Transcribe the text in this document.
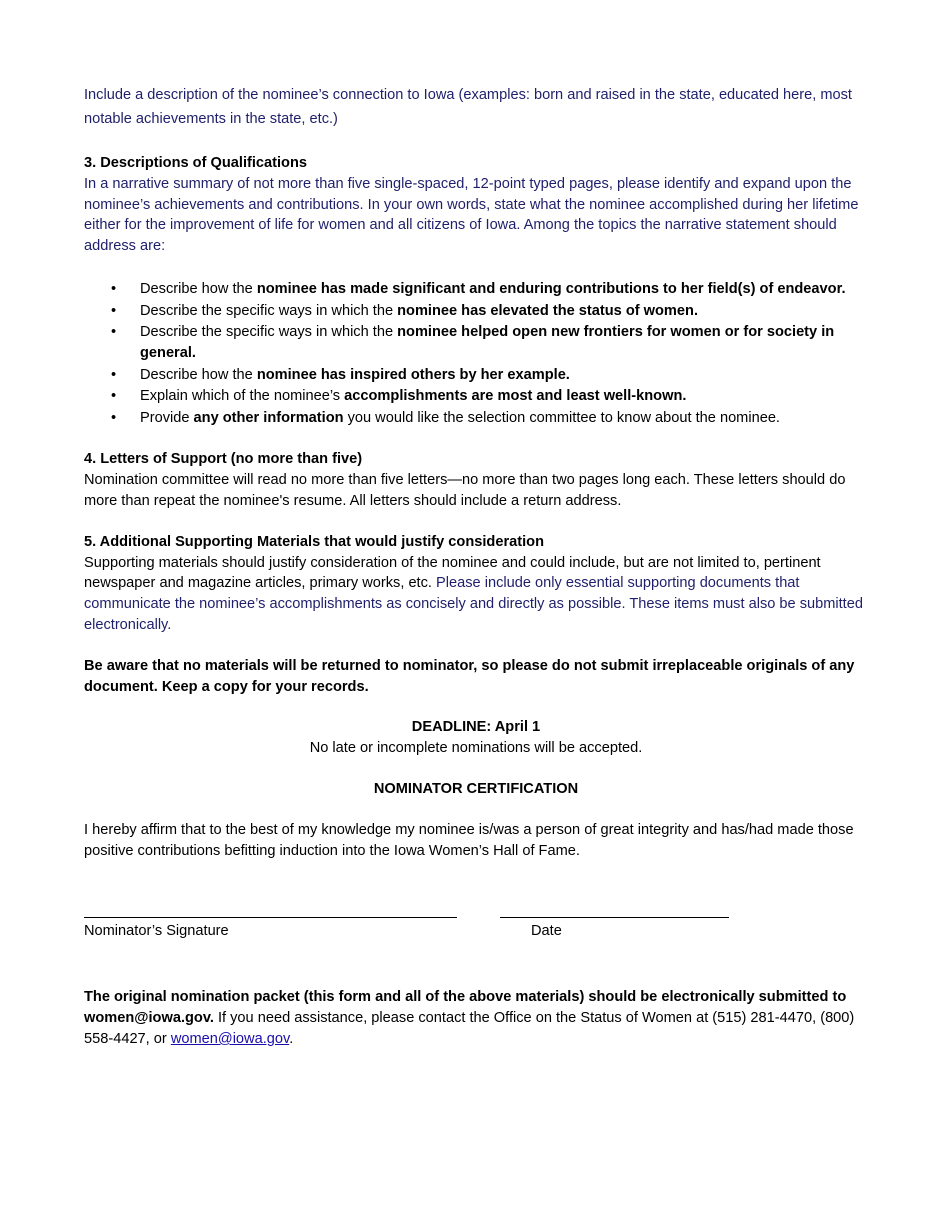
Include a description of the nominee’s connection to Iowa (examples: born and raised in the state, educated here, most notable achievements in the state, etc.)

3. Descriptions of Qualifications

In a narrative summary of not more than five single-spaced, 12-point typed pages, please identify and expand upon the nominee’s achievements and contributions. In your own words, state what the nominee accomplished during her lifetime either for the improvement of life for women and all citizens of Iowa. Among the topics the narrative statement should address are:

• Describe how the nominee has made significant and enduring contributions to her field(s) of endeavor.
• Describe the specific ways in which the nominee has elevated the status of women.
• Describe the specific ways in which the nominee helped open new frontiers for women or for society in general.
• Describe how the nominee has inspired others by her example.
• Explain which of the nominee’s accomplishments are most and least well-known.
• Provide any other information you would like the selection committee to know about the nominee.
4. Letters of Support (no more than five)

Nomination committee will read no more than five letters—no more than two pages long each. These letters should do more than repeat the nominee's resume. All letters should include a return address.

5. Additional Supporting Materials that would justify consideration

Supporting materials should justify consideration of the nominee and could include, but are not limited to, pertinent newspaper and magazine articles, primary works, etc. Please include only essential supporting documents that communicate the nominee’s accomplishments as concisely and directly as possible. These items must also be submitted electronically.

Be aware that no materials will be returned to nominator, so please do not submit irreplaceable originals of any document. Keep a copy for your records.

DEADLINE: April 1
No late or incomplete nominations will be accepted.
NOMINATOR CERTIFICATION

I hereby affirm that to the best of my knowledge my nominee is/was a person of great integrity and has/had made those positive contributions befitting induction into the Iowa Women’s Hall of Fame.

Nominator’s Signature	Date

The original nomination packet (this form and all of the above materials) should be electronically submitted to women@iowa.gov. If you need assistance, please contact the Office on the Status of Women at (515) 281-4470, (800) 558-4427, or women@iowa.gov.
